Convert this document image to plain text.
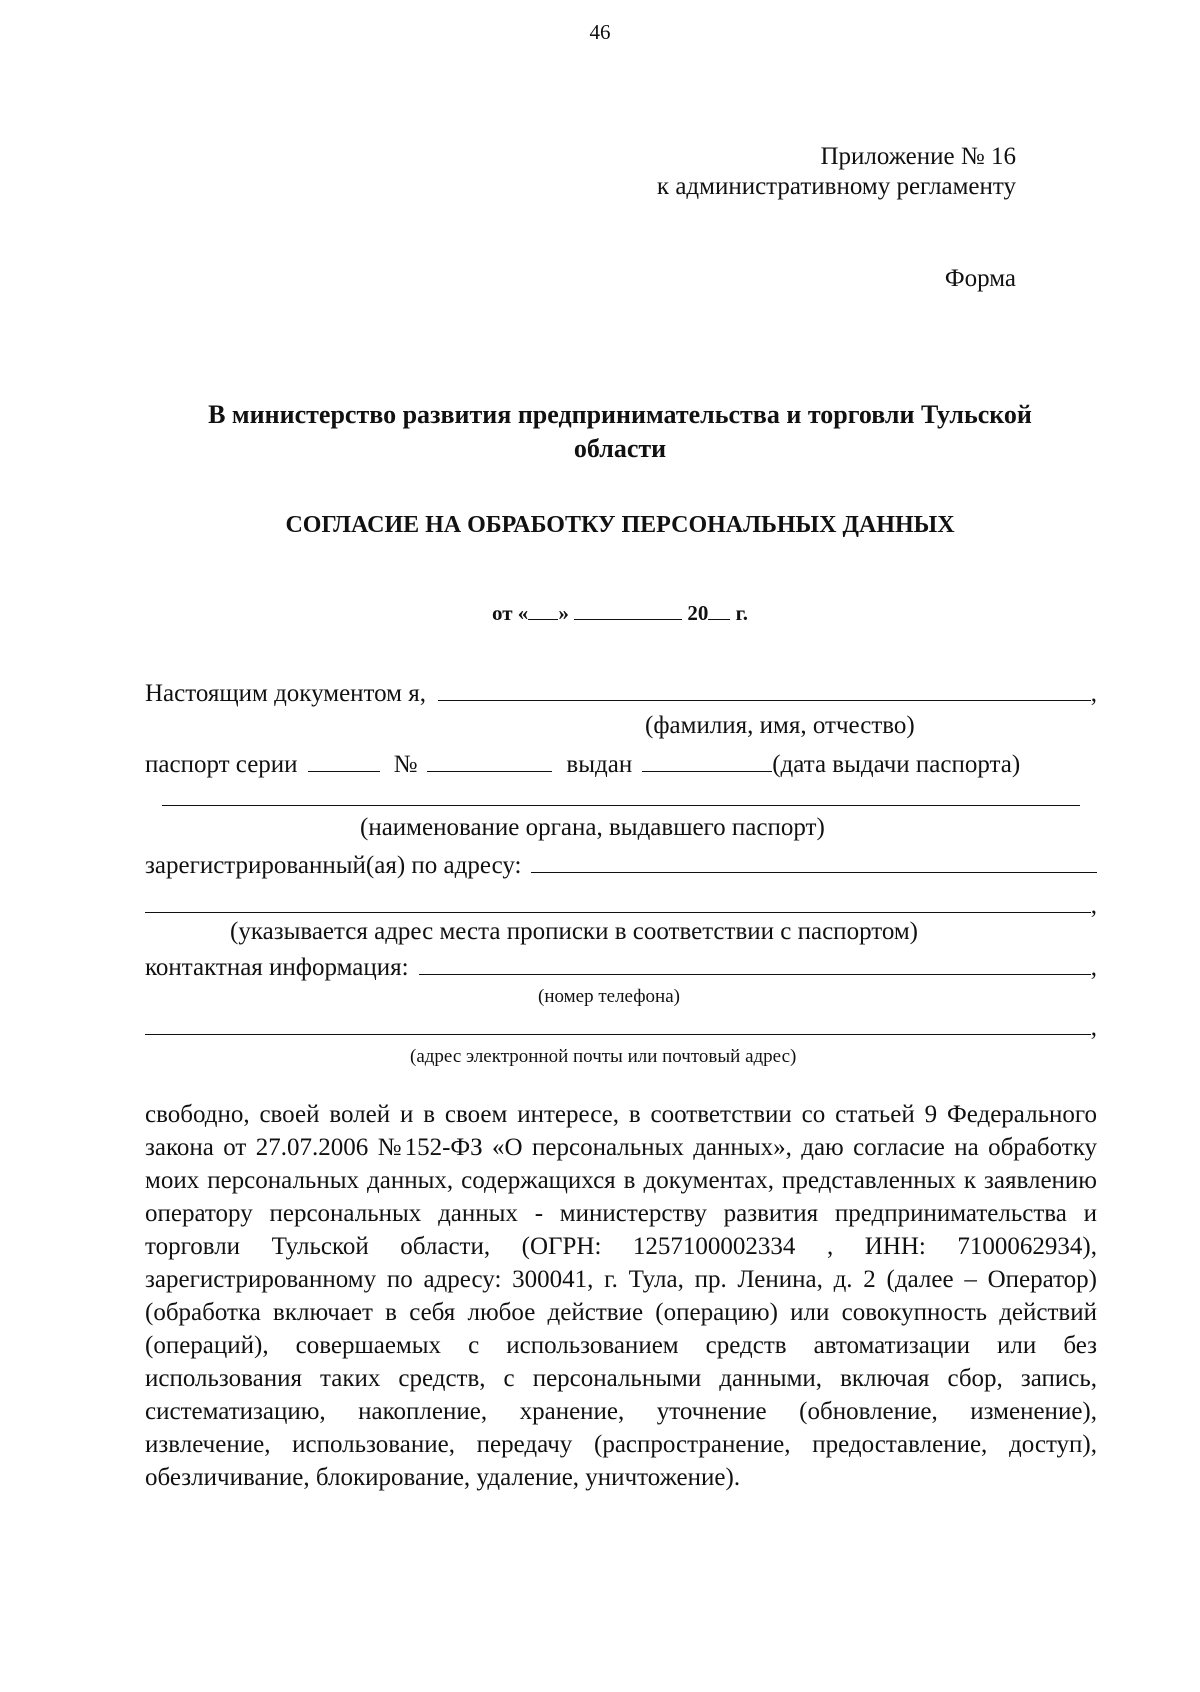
46
Приложение № 16
к административному регламенту
Форма
В министерство развития предпринимательства и торговли Тульской области
СОГЛАСИЕ НА ОБРАБОТКУ ПЕРСОНАЛЬНЫХ ДАННЫХ
от « »	20 г.
Настоящим документом я,	,
(фамилия, имя, отчество)
паспорт серии	№	выдан	(дата выдачи паспорта)
(наименование органа, выдавшего паспорт)
зарегистрированный(ая) по адресу:
,
(указывается адрес места прописки в соответствии с паспортом)
контактная информация:	,
(номер телефона)
,
(адрес электронной почты или почтовый адрес)
свободно, своей волей и в своем интересе, в соответствии со статьей 9 Федерального закона от 27.07.2006 №152-ФЗ «О персональных данных», даю согласие на обработку моих персональных данных, содержащихся в документах, представленных к заявлению оператору персональных данных - министерству развития предпринимательства и торговли Тульской области, (ОГРН: 1257100002334 , ИНН: 7100062934), зарегистрированному по адресу: 300041, г. Тула, пр. Ленина, д. 2 (далее – Оператор) (обработка включает в себя любое действие (операцию) или совокупность действий (операций), совершаемых с использованием средств автоматизации или без использования таких средств, с персональными данными, включая сбор, запись, систематизацию, накопление, хранение, уточнение (обновление, изменение), извлечение, использование, передачу (распространение, предоставление, доступ), обезличивание, блокирование, удаление, уничтожение).
